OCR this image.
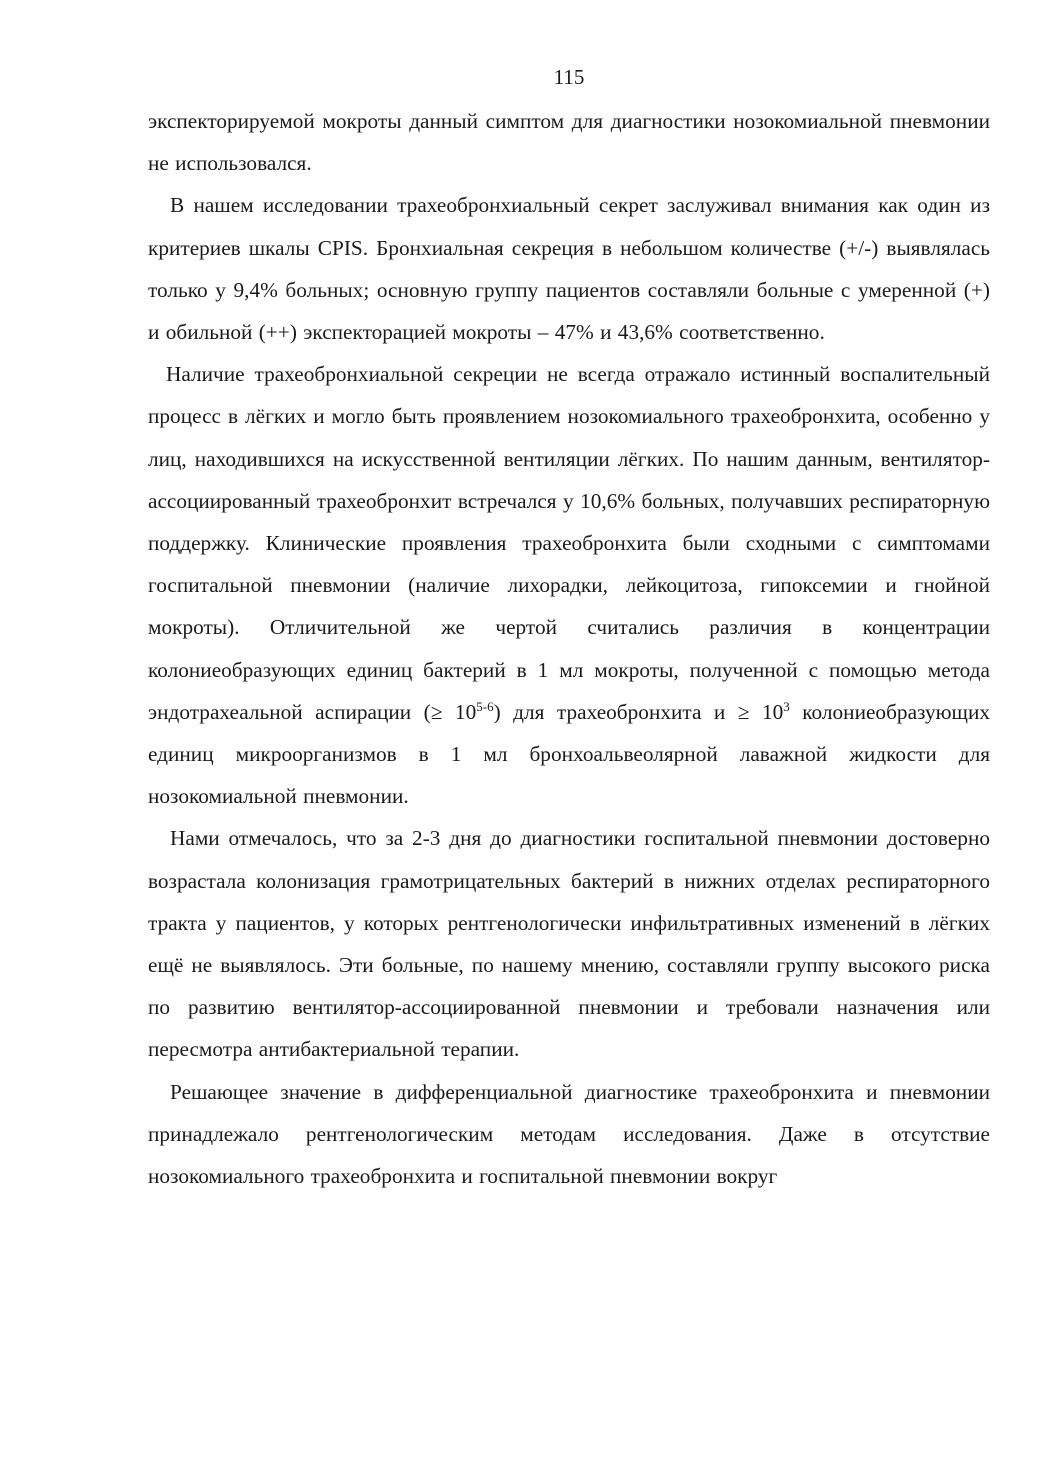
115

экспекторируемой мокроты данный симптом для диагностики нозокомиальной пневмонии не использовался.

В нашем исследовании трахеобронхиальный секрет заслуживал внимания как один из критериев шкалы CPIS. Бронхиальная секреция в небольшом количестве (+/-) выявлялась только у 9,4% больных; основную группу пациентов составляли больные с умеренной (+) и обильной (++) экспекторацией мокроты – 47% и 43,6% соответственно.

Наличие трахеобронхиальной секреции не всегда отражало истинный воспалительный процесс в лёгких и могло быть проявлением нозокомиального трахеобронхита, особенно у лиц, находившихся на искусственной вентиляции лёгких. По нашим данным, вентилятор-ассоциированный трахеобронхит встречался у 10,6% больных, получавших респираторную поддержку. Клинические проявления трахеобронхита были сходными с симптомами госпитальной пневмонии (наличие лихорадки, лейкоцитоза, гипоксемии и гнойной мокроты). Отличительной же чертой считались различия в концентрации колониеобразующих единиц бактерий в 1 мл мокроты, полученной с помощью метода эндотрахеальной аспирации (≥ $10^{5-6}$) для трахеобронхита $и \ge 10^3$ колониеобразующих единиц микроорганизмов в 1 мл бронхоальвеолярной лаважной жидкости для нозокомиальной пневмонии.

Нами отмечалось, что за 2-3 дня до диагностики госпитальной пневмонии достоверно возрастала колонизация грамотрицательных бактерий в нижних отделах респираторного тракта у пациентов, у которых рентгенологически инфильтративных изменений в лёгких ещё не выявлялось. Эти больные, по нашему мнению, составляли группу высокого риска по развитию вентилятор-ассоциированной пневмонии и требовали назначения или пересмотра антибактериальной терапии.

Решающее значение в дифференциальной диагностике трахеобронхита и пневмонии принадлежало рентгенологическим методам исследования. Даже в отсутствие нозокомиального трахеобронхита и госпитальной пневмонии вокруг
